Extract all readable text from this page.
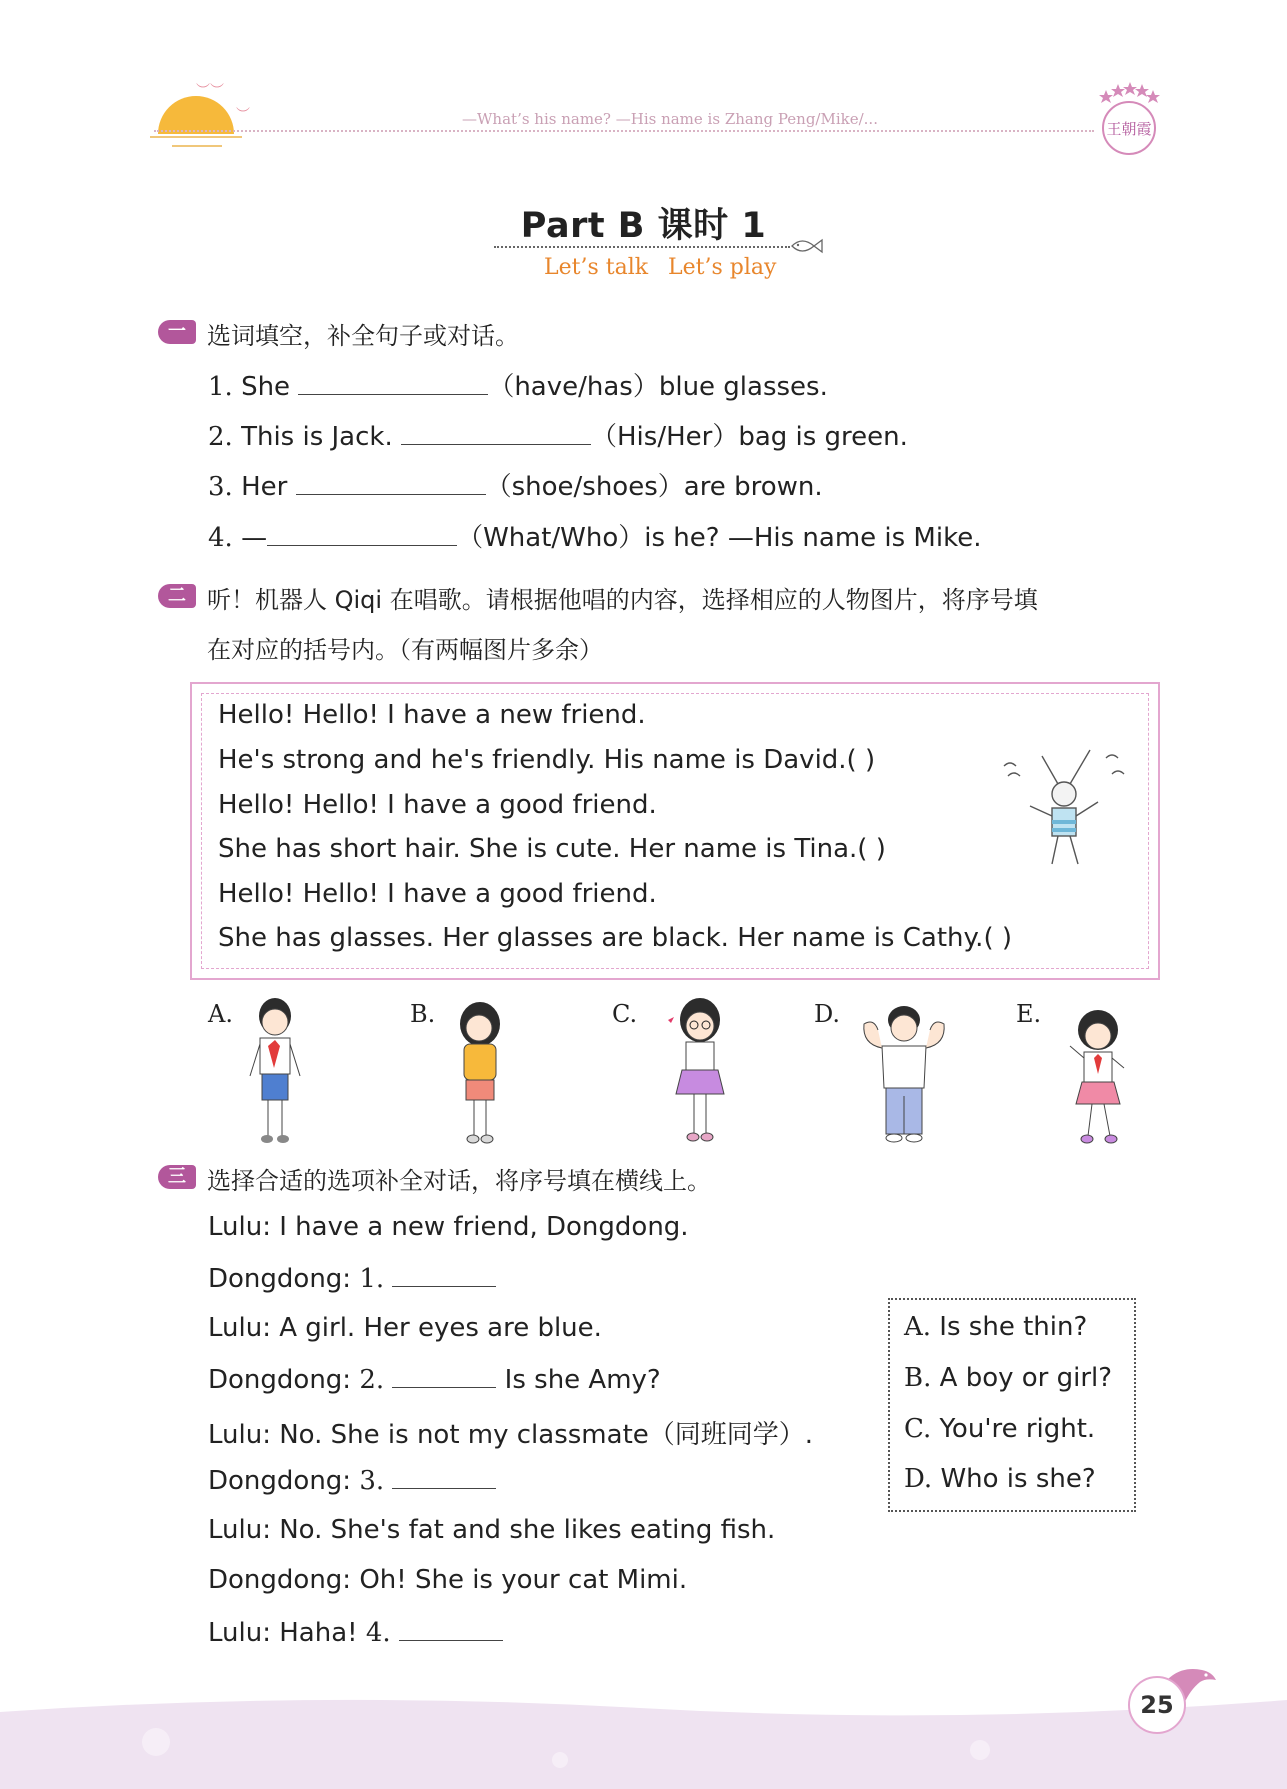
︶︶
︶	—What’s his name? —His name is Zhang Peng/Mike/...
王朝霞
Part B 课时 1
Let’s talk Let’s play
一 选词填空，补全句子或对话。
1. She	（have/has）blue glasses.
2. This is Jack.	（His/Her）bag is green.
3. Her	（shoe/shoes）are brown.
4. —	（What/Who）is he? —His name is Mike.
二 听！机器人 Qiqi 在唱歌。请根据他唱的内容，选择相应的人物图片，将序号填
在对应的括号内。（有两幅图片多余）
Hello! Hello! I have a new friend.
He's strong and he's friendly. His name is David.( )
Hello! Hello! I have a good friend.
She has short hair. She is cute. Her name is Tina.( )
Hello! Hello! I have a good friend.
She has glasses. Her glasses are black. Her name is Cathy.( )
A.	B.	C.	D.	E.
三 选择合适的选项补全对话，将序号填在横线上。
Lulu: I have a new friend, Dongdong.
Dongdong: 1.
Lulu: A girl. Her eyes are blue.
Dongdong: 2.	Is she Amy?
Lulu: No. She is not my classmate（同班同学）.
Dongdong: 3.
Lulu: No. She's fat and she likes eating fish.
Dongdong: Oh! She is your cat Mimi.
Lulu: Haha! 4.
A. Is she thin?
B. A boy or girl?
C. You're right.
D. Who is she?
25
